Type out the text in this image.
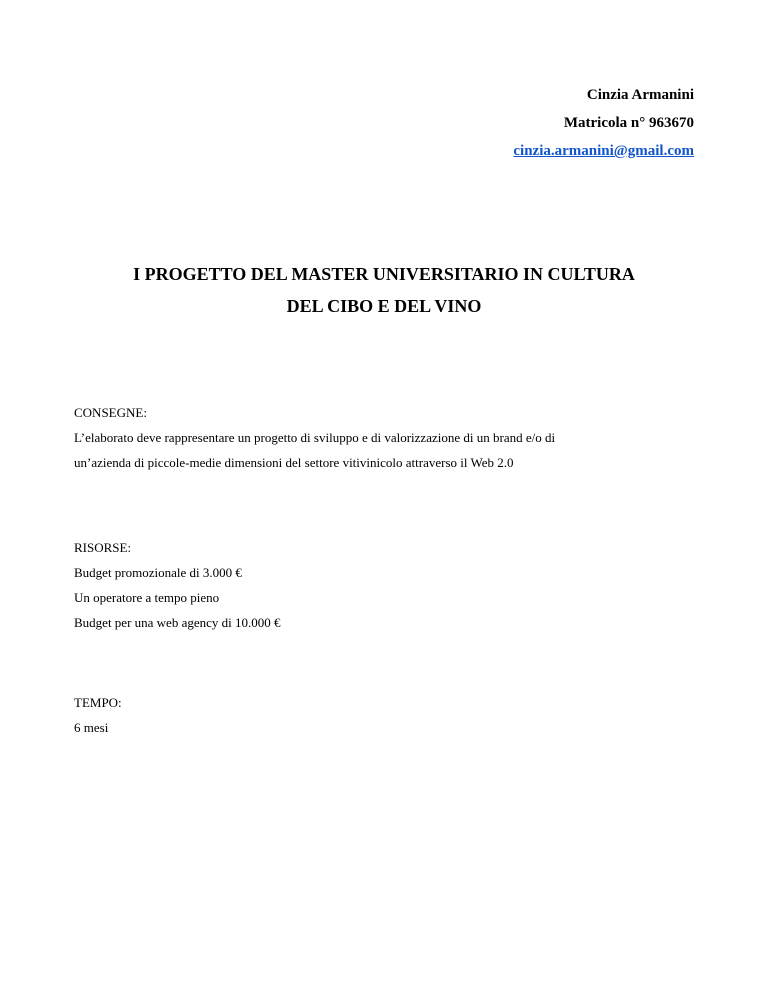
Cinzia Armanini
Matricola n° 963670
cinzia.armanini@gmail.com
I PROGETTO DEL MASTER UNIVERSITARIO IN CULTURA
DEL CIBO E DEL VINO
CONSEGNE:
L’elaborato deve rappresentare un progetto di sviluppo e di valorizzazione di un brand e/o di
un’azienda di piccole-medie dimensioni del settore vitivinicolo attraverso il Web 2.0
RISORSE:
Budget promozionale di 3.000 €
Un operatore a tempo pieno
Budget per una web agency di 10.000 €
TEMPO:
6 mesi
